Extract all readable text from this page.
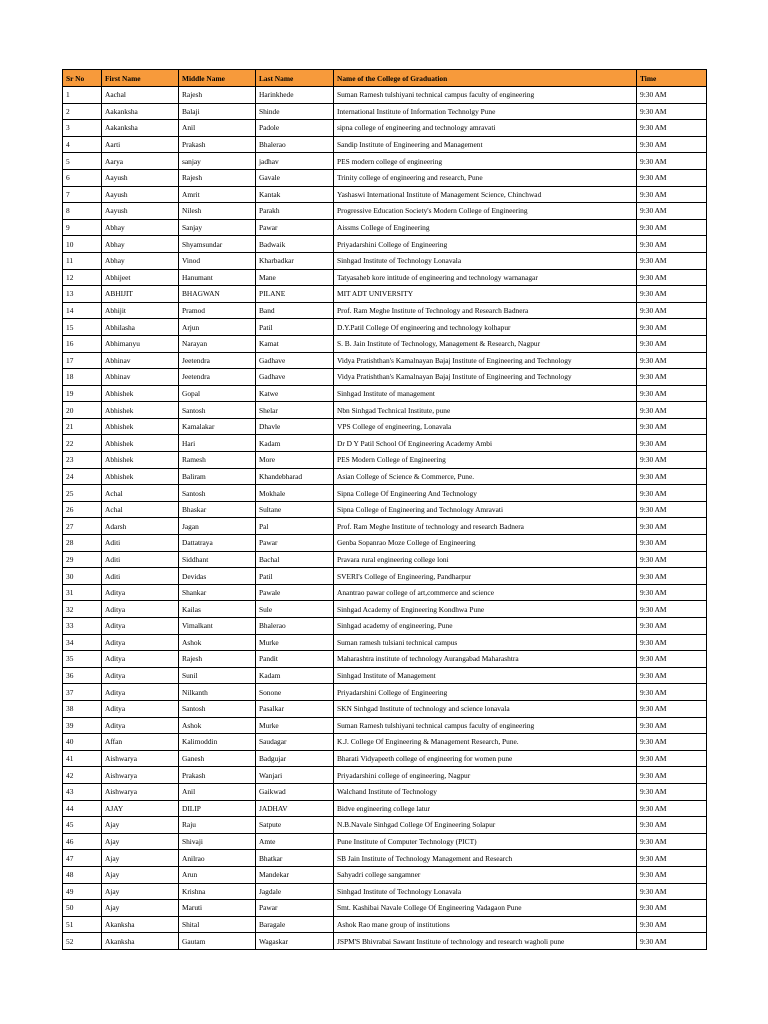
Sr No	First Name	Middle Name	Last Name	Name of the College of Graduation	Time
1	Aachal	Rajesh	Harinkhede	Suman Ramesh tulshiyani technical campus faculty of engineering	9:30 AM
2	Aakanksha	Balaji	Shinde	International Institute of Information Technolgy Pune	9:30 AM
3	Aakanksha	Anil	Padole	sipna college of engineering and technology amravati	9:30 AM
4	Aarti	Prakash	Bhalerao	Sandip Institute of Engineering and Management	9:30 AM
5	Aarya	sanjay	jadhav	PES modern college of engineering	9:30 AM
6	Aayush	Rajesh	Gavale	Trinity college of engineering and research, Pune	9:30 AM
7	Aayush	Amrit	Kantak	Yashaswi International Institute of Management Science, Chinchwad	9:30 AM
8	Aayush	Nilesh	Parakh	Progressive Education Society's Modern College of Engineering	9:30 AM
9	Abhay	Sanjay	Pawar	Aissms College of Engineering	9:30 AM
10	Abhay	Shyamsundar	Badwaik	Priyadarshini College of Engineering	9:30 AM
11	Abhay	Vinod	Kharbadkar	Sinhgad Institute of Technology Lonavala	9:30 AM
12	Abhijeet	Hanumant	Mane	Tatyasaheb kore intitude of engineering and technology warnanagar	9:30 AM
13	ABHIJIT	BHAGWAN	PILANE	MIT ADT UNIVERSITY	9:30 AM
14	Abhijit	Pramod	Band	Prof. Ram Meghe Institute of Technology and Research Badnera	9:30 AM
15	Abhilasha	Arjun	Patil	D.Y.Patil College Of engineering and technology kolhapur	9:30 AM
16	Abhimanyu	Narayan	Kamat	S. B. Jain Institute of Technology, Management & Research, Nagpur	9:30 AM
17	Abhinav	Jeetendra	Gadhave	Vidya Pratishthan's Kamalnayan Bajaj Institute of Engineering and Technology	9:30 AM
18	Abhinav	Jeetendra	Gadhave	Vidya Pratishthan's Kamalnayan Bajaj Institute of Engineering and Technology	9:30 AM
19	Abhishek	Gopal	Katwe	Sinhgad Institute of management	9:30 AM
20	Abhishek	Santosh	Shelar	Nbn Sinhgad Technical Institute, pune	9:30 AM
21	Abhishek	Kamalakar	Dhavle	VPS College of engineering, Lonavala	9:30 AM
22	Abhishek	Hari	Kadam	Dr D Y Patil School Of Engineering Academy Ambi	9:30 AM
23	Abhishek	Ramesh	More	PES Modern College of Engineering	9:30 AM
24	Abhishek	Baliram	Khandebharad	Asian College of Science & Commerce, Pune.	9:30 AM
25	Achal	Santosh	Mokhale	Sipna College Of Engineering And Technology	9:30 AM
26	Achal	Bhaskar	Sultane	Sipna College of Engineering and Technology Amravati	9:30 AM
27	Adarsh	Jagan	Pal	Prof. Ram Meghe Institute of technology and research Badnera	9:30 AM
28	Aditi	Dattatraya	Pawar	Genba Sopanrao Moze College of Engineering	9:30 AM
29	Aditi	Siddhant	Bachal	Pravara rural engineering college loni	9:30 AM
30	Aditi	Devidas	Patil	SVERI's College of Engineering, Pandharpur	9:30 AM
31	Aditya	Shankar	Pawale	Anantrao pawar college of art,commerce and science	9:30 AM
32	Aditya	Kailas	Sule	Sinhgad Academy of Engineering Kondhwa Pune	9:30 AM
33	Aditya	Vimalkant	Bhalerao	Sinhgad academy of engineering, Pune	9:30 AM
34	Aditya	Ashok	Murke	Suman ramesh tulsiani technical campus	9:30 AM
35	Aditya	Rajesh	Pandit	Maharashtra institute of technology Aurangabad Maharashtra	9:30 AM
36	Aditya	Sunil	Kadam	Sinhgad Institute of Management	9:30 AM
37	Aditya	Nilkanth	Sonone	Priyadarshini College of Engineering	9:30 AM
38	Aditya	Santosh	Pasalkar	SKN Sinhgad Institute of technology and science lonavala	9:30 AM
39	Aditya	Ashok	Murke	Suman Ramesh tulshiyani technical campus faculty of engineering	9:30 AM
40	Affan	Kalimoddin	Saudagar	K.J. College Of Engineering & Management Research, Pune.	9:30 AM
41	Aishwarya	Ganesh	Badgujar	Bharati Vidyapeeth college of engineering for women pune	9:30 AM
42	Aishwarya	Prakash	Wanjari	Priyadarshini college of engineering, Nagpur	9:30 AM
43	Aishwarya	Anil	Gaikwad	Walchand Institute of Technology	9:30 AM
44	AJAY	DILIP	JADHAV	Bidve engineering college latur	9:30 AM
45	Ajay	Raju	Satpute	N.B.Navale Sinhgad College Of Engineering Solapur	9:30 AM
46	Ajay	Shivaji	Amte	Pune Institute of Computer Technology (PICT)	9:30 AM
47	Ajay	Anilrao	Bhatkar	SB Jain Institute of Technology Management and Research	9:30 AM
48	Ajay	Arun	Mandekar	Sahyadri college sangamner	9:30 AM
49	Ajay	Krishna	Jagdale	Sinhgad Institute of Technology Lonavala	9:30 AM
50	Ajay	Maruti	Pawar	Smt. Kashibai Navale College Of Engineering Vadagaon Pune	9:30 AM
51	Akanksha	Shital	Baragale	Ashok Rao mane group of institutions	9:30 AM
52	Akanksha	Gautam	Wagaskar	JSPM'S Bhivrabai Sawant Institute of technology and research wagholi pune	9:30 AM
